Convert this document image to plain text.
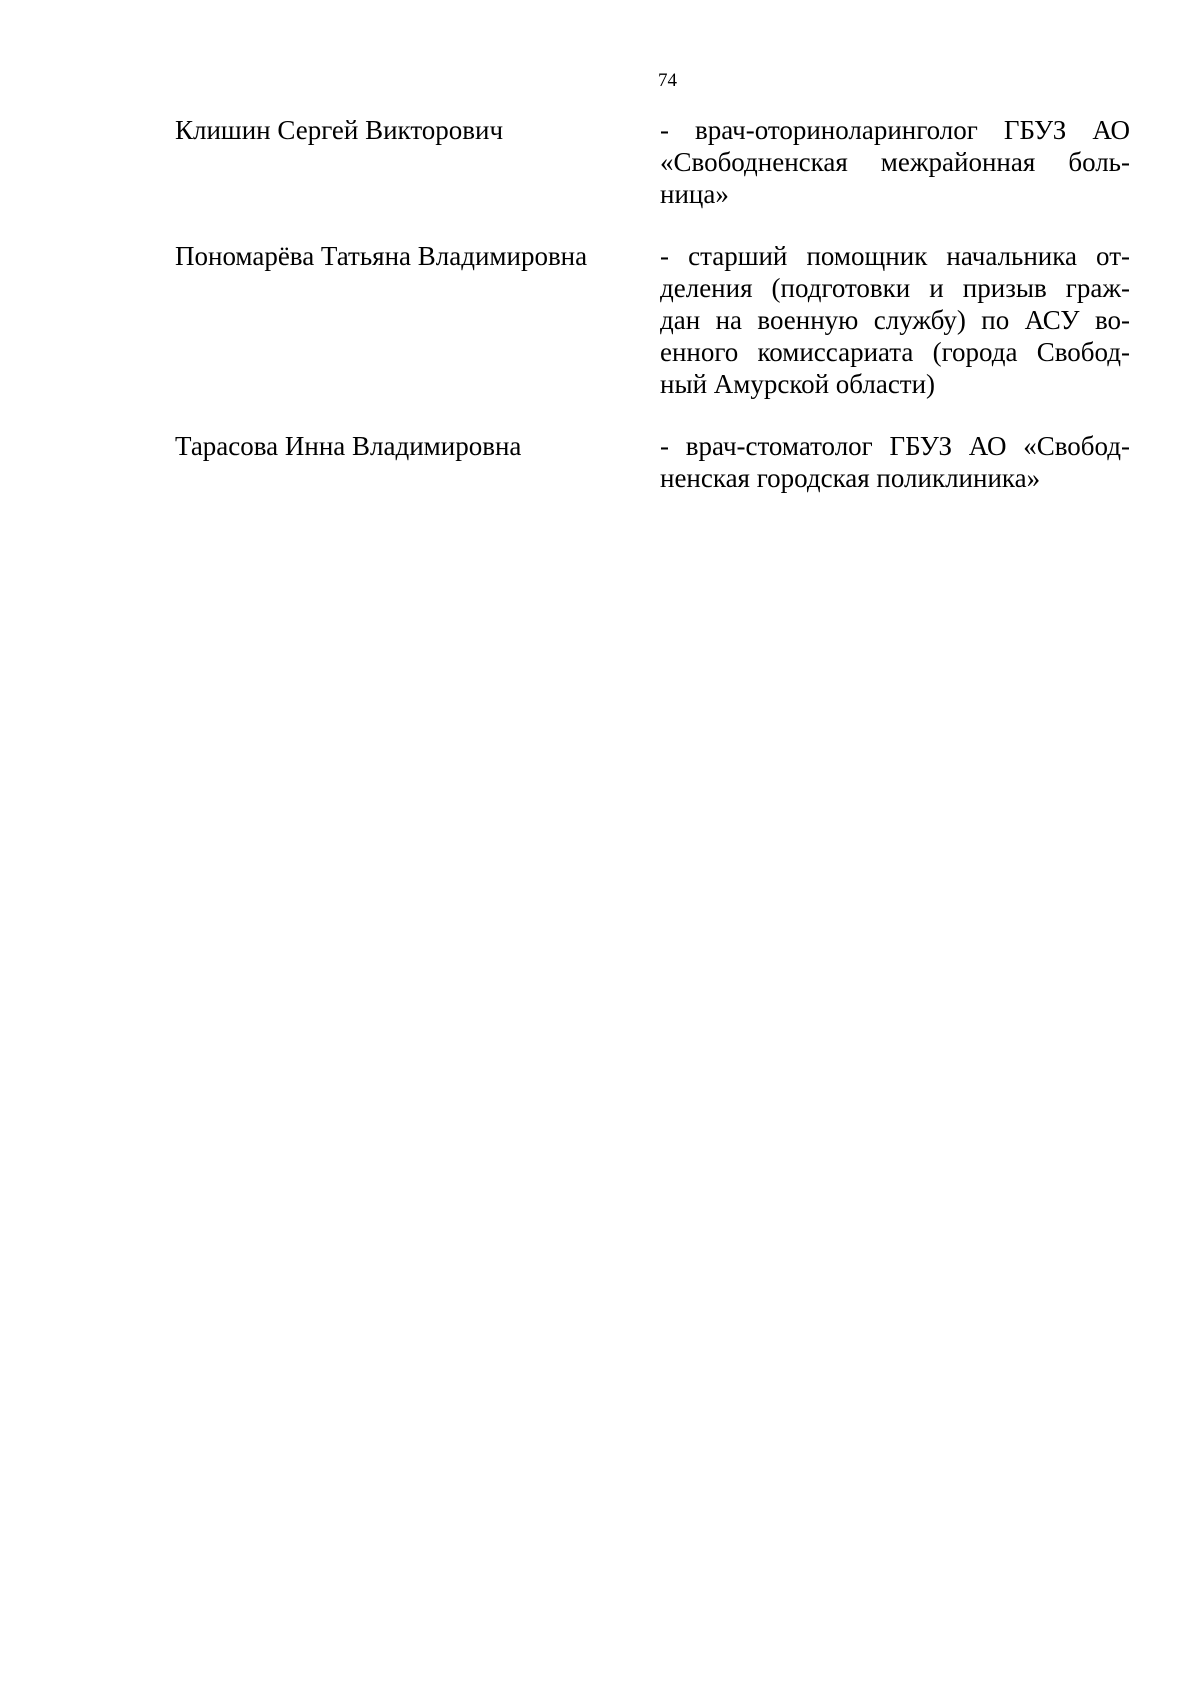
74
Клишин Сергей Викторович	- врач-оториноларинголог ГБУЗ АО
«Свободненская межрайонная боль-
ница»
Пономарёва Татьяна Владимировна	- старший помощник начальника от-
деления (подготовки и призыв граж-
дан на военную службу) по АСУ во-
енного комиссариата (города Свобод-
ный Амурской области)
Тарасова Инна Владимировна	- врач-стоматолог ГБУЗ АО «Свобод-
ненская городская поликлиника»
